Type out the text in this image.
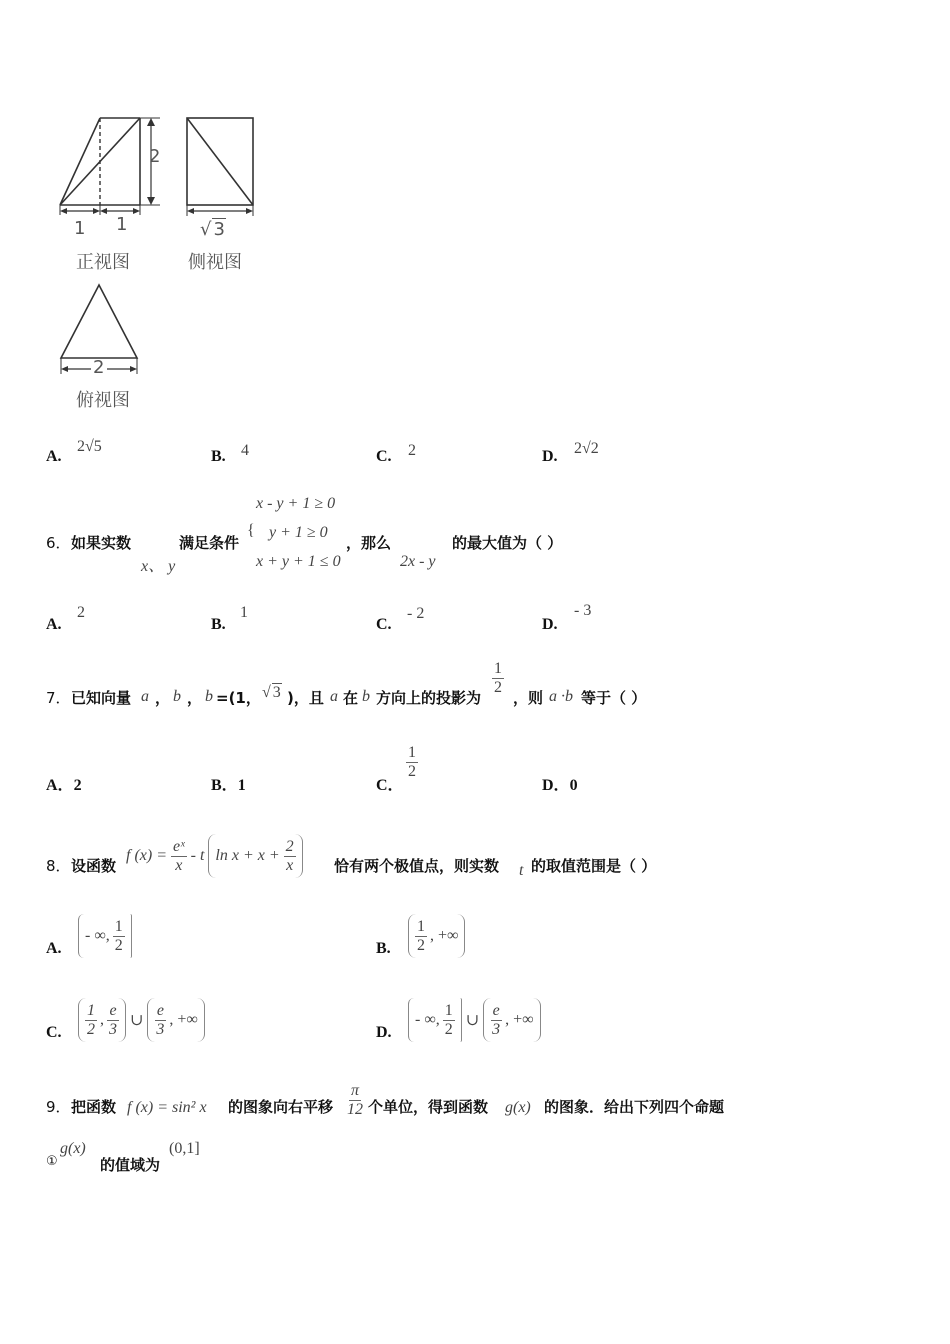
2
1 1	√ 3
正视图	侧视图
2
俯视图
A.
2√5
B. 4	C. 2	D. 2√2
6． 如果实数
x、 y
满足条件
{
x - y + 1 ≥ 0
y + 1 ≥ 0
x + y + 1 ≤ 0
，那么
2x - y
的最大值为（ ）
A.
2
B.
1
C.
- 2
D.
- 3
7． 已知向量 a ， b ， b =(1， √ 3 )，且 a 在 b 方向上的投影为
$\frac{1}{2}$
，则 a ·b 等于（ ）
A．2	B．1	C．
$\frac{1}{2}$
D．0
8． 设函数
f $(x) = \frac{\text{eˣ}}{x} - t$ $\ln x + x + \frac{2}{x}$	恰有两个极值点，则实数 t 的取值范围是（ ）
A.
- ∞, $\frac{1}{2}$	B. $\frac{1}{2}$ , +∞
C. $\frac{1}{2}$ , $\frac{e}{3}$ ∪ $\frac{e}{3}$ , +∞
D.
- ∞, $\frac{1}{2}$ ∪ $\frac{e}{3}$ , +∞
9． 把函数 f (x) = sin² x 的图象向右平移 $\frac{\pi}{12}$ 个单位，得到函数 g(x) 的图象．给出下列四个命题
①
g(x)
的值域为
(0,1]
